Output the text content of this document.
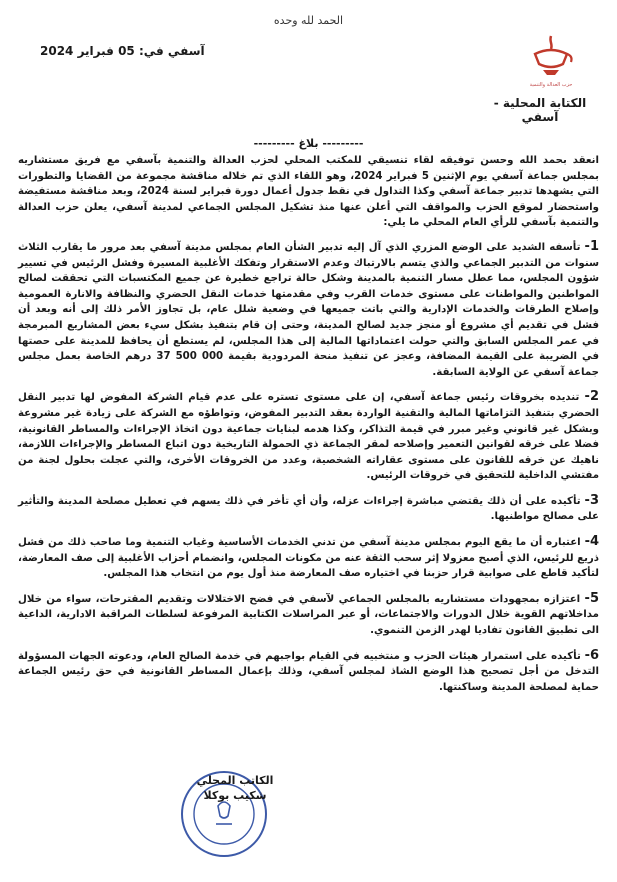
الحمد لله وحده
حزب العدالة والتنمية
الكتابة المحلية - آسفي
آسفي في: 05 فبراير 2024
--------- بلاغ ---------

انعقد بحمد الله وحسن توفيقه لقاء تنسيقي للمكتب المحلي لحزب العدالة والتنمية بآسفي مع فريق مستشاريه بمجلس جماعة آسفي يوم الإثنين 5 فبراير 2024، وهو اللقاء الذي تم خلاله مناقشة مجموعة من القضايا والتطورات التي يشهدها تدبير جماعة آسفي وكذا التداول في نقط جدول أعمال دورة فبراير لسنة 2024، وبعد مناقشة مستفيضة واستحضار لموقع الحزب والمواقف التي أعلن عنها منذ تشكيل المجلس الجماعي لمدينة آسفي، يعلن حزب العدالة والتنمية بآسفي للرأي العام المحلي ما يلي:

1- تأسفه الشديد على الوضع المزري الذي آل إليه تدبير الشأن العام بمجلس مدينة آسفي بعد مرور ما يقارب الثلاث سنوات من التدبير الجماعي والذي يتسم بالارتباك وعدم الاستقرار وتفكك الأغلبية المسيرة وفشل الرئيس في تسيير شؤون المجلس، مما عطل مسار التنمية بالمدينة وشكل حالة تراجع خطيرة عن جميع المكتسبات التي تحققت لصالح المواطنين والمواطنات على مستوى خدمات القرب وفي مقدمتها خدمات النقل الحضري والنظافة والانارة العمومية وإصلاح الطرقات والخدمات الإدارية والتي باتت جميعها في وضعية شلل عام، بل تجاوز الأمر ذلك إلى أنه وبعد أن فشل في تقديم أي مشروع أو منجز جديد لصالح المدينة، وحتى إن قام بتنفيذ بشكل سيء بعض المشاريع المبرمجة في عمر المجلس السابق والتي حولت اعتماداتها المالية إلى هذا المجلس، لم يستطع أن يحافظ للمدينة على حصتها في الضريبة على القيمة المضافة، وعجز عن تنفيذ منحة المردودية بقيمة 000 500 37 درهم الخاصة بعمل مجلس جماعة آسفي عن الولاية السابقة.

2- تنديده بخروقات رئيس جماعة آسفي، إن على مستوى تستره على عدم قيام الشركة المفوض لها تدبير النقل الحضري بتنفيذ التزاماتها المالية والتقنية الواردة بعقد التدبير المفوض، وتواطؤه مع الشركة على زيادة غير مشروعة وبشكل غير قانوني وغير مبرر في قيمة التذاكر، وكذا هدمه لبنايات جماعية دون اتخاذ الإجراءات والمساطر القانونية، فضلا على خرقه لقوانين التعمير وإصلاحه لمقر الجماعة ذي الحمولة التاريخية دون اتباع المساطر والإجراءات اللازمة، ناهيك عن خرقه للقانون على مستوى عقاراته الشخصية، وعدد من الخروقات الأخرى، والتي عجلت بحلول لجنة من مفتشي الداخلية للتحقيق في خروقات الرئيس.

3- تأكيده على أن ذلك يقتضي مباشرة إجراءات عزله، وأن أي تأخر في ذلك يسهم في تعطيل مصلحة المدينة والتأثير على مصالح مواطنيها.

4- اعتباره أن ما يقع اليوم بمجلس مدينة آسفي من تدني الخدمات الأساسية وغياب التنمية وما صاحب ذلك من فشل ذريع للرئيس، الذي أصبح معزولا إثر سحب الثقة عنه من مكونات المجلس، وانضمام أحزاب الأغلبية إلى صف المعارضة، لتأكيد قاطع على صوابية قرار حزبنا في اختياره صف المعارضة منذ أول يوم من انتخاب هذا المجلس.

5- اعتزازه بمجهودات مستشاريه بالمجلس الجماعي لآسفي في فضح الاختلالات وتقديم المقترحات، سواء من خلال مداخلاتهم القوية خلال الدورات والاجتماعات، أو عبر المراسلات الكتابية المرفوعة لسلطات المراقبة الادارية، الداعية الى تطبيق القانون تفاديا لهدر الزمن التنموي.

6- تأكيده على استمرار هيئات الحزب و منتخبيه في القيام بواجبهم في خدمة الصالح العام، ودعوته الجهات المسؤولة التدخل من أجل تصحيح هذا الوضع الشاذ لمجلس آسفي، وذلك بإعمال المساطر القانونية في حق رئيس الجماعة حماية لمصلحة المدينة وساكنتها.

الكاتب المحلي
شكيب بوكلا
